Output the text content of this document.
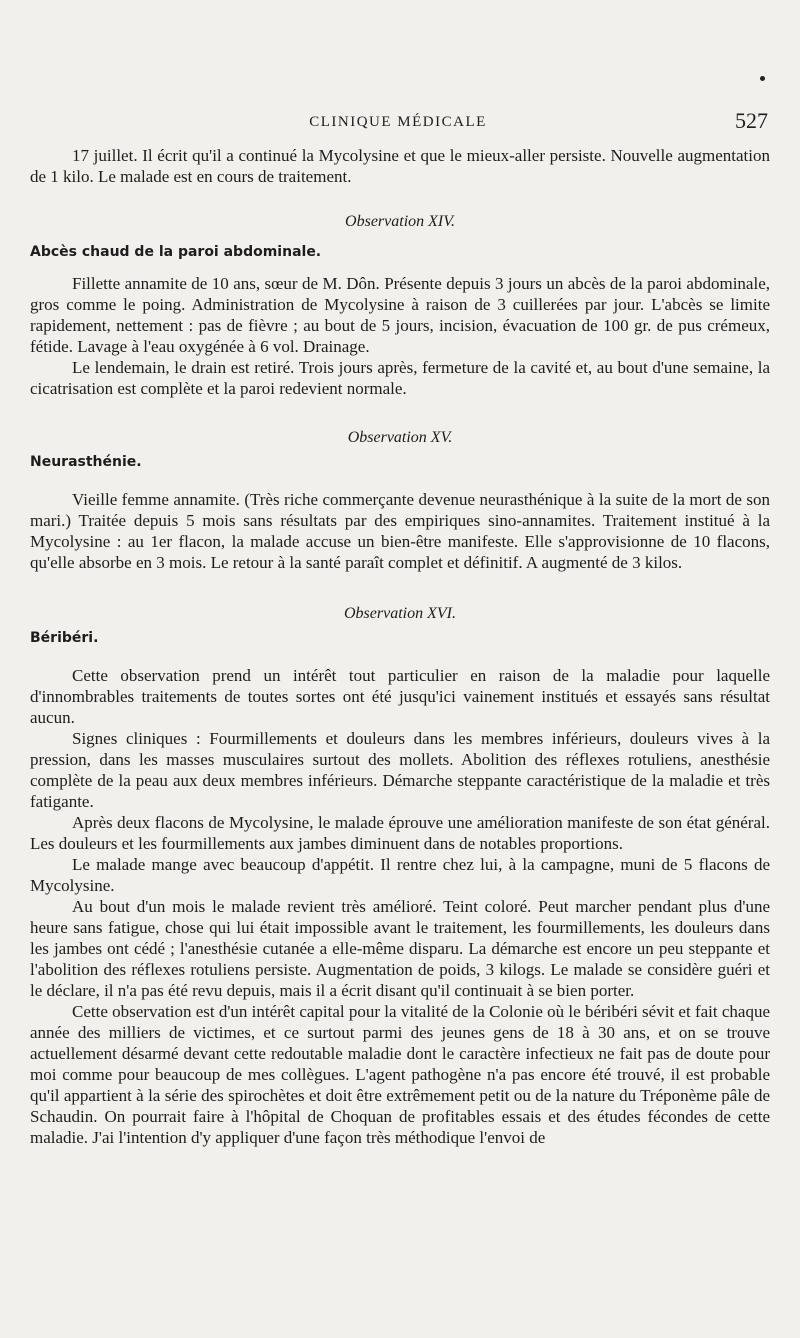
CLINIQUE MÉDICALE	527

17 juillet. Il écrit qu'il a continué la Mycolysine et que le mieux-aller persiste. Nouvelle augmentation de 1 kilo. Le malade est en cours de traitement.

Observation XIV.
Abcès chaud de la paroi abdominale.

Fillette annamite de 10 ans, sœur de M. Dôn. Présente depuis 3 jours un abcès de la paroi abdominale, gros comme le poing. Administration de Mycolysine à raison de 3 cuillerées par jour. L'abcès se limite rapidement, nettement : pas de fièvre ; au bout de 5 jours, incision, évacuation de 100 gr. de pus crémeux, fétide. Lavage à l'eau oxygénée à 6 vol. Drainage.

Le lendemain, le drain est retiré. Trois jours après, fermeture de la cavité et, au bout d'une semaine, la cicatrisation est complète et la paroi redevient normale.

Observation XV.
Neurasthénie.

Vieille femme annamite. (Très riche commerçante devenue neurasthénique à la suite de la mort de son mari.) Traitée depuis 5 mois sans résultats par des empiriques sino-annamites. Traitement institué à la Mycolysine : au 1er flacon, la malade accuse un bien-être manifeste. Elle s'approvisionne de 10 flacons, qu'elle absorbe en 3 mois. Le retour à la santé paraît complet et définitif. A augmenté de 3 kilos.

Observation XVI.
Béribéri.

Cette observation prend un intérêt tout particulier en raison de la maladie pour laquelle d'innombrables traitements de toutes sortes ont été jusqu'ici vainement institués et essayés sans résultat aucun.

Signes cliniques : Fourmillements et douleurs dans les membres inférieurs, douleurs vives à la pression, dans les masses musculaires surtout des mollets. Abolition des réflexes rotuliens, anesthésie complète de la peau aux deux membres inférieurs. Démarche steppante caractéristique de la maladie et très fatigante.

Après deux flacons de Mycolysine, le malade éprouve une amélioration manifeste de son état général. Les douleurs et les fourmillements aux jambes diminuent dans de notables proportions.

Le malade mange avec beaucoup d'appétit. Il rentre chez lui, à la campagne, muni de 5 flacons de Mycolysine.

Au bout d'un mois le malade revient très amélioré. Teint coloré. Peut marcher pendant plus d'une heure sans fatigue, chose qui lui était impossible avant le traitement, les fourmillements, les douleurs dans les jambes ont cédé ; l'anesthésie cutanée a elle-même disparu. La démarche est encore un peu steppante et l'abolition des réflexes rotuliens persiste. Augmentation de poids, 3 kilogs. Le malade se considère guéri et le déclare, il n'a pas été revu depuis, mais il a écrit disant qu'il continuait à se bien porter.

Cette observation est d'un intérêt capital pour la vitalité de la Colonie où le béribéri sévit et fait chaque année des milliers de victimes, et ce surtout parmi des jeunes gens de 18 à 30 ans, et on se trouve actuellement désarmé devant cette redoutable maladie dont le caractère infectieux ne fait pas de doute pour moi comme pour beaucoup de mes collègues. L'agent pathogène n'a pas encore été trouvé, il est probable qu'il appartient à la série des spirochètes et doit être extrêmement petit ou de la nature du Tréponème pâle de Schaudin. On pourrait faire à l'hôpital de Choquan de profitables essais et des études fécondes de cette maladie. J'ai l'intention d'y appliquer d'une façon très méthodique l'envoi de
